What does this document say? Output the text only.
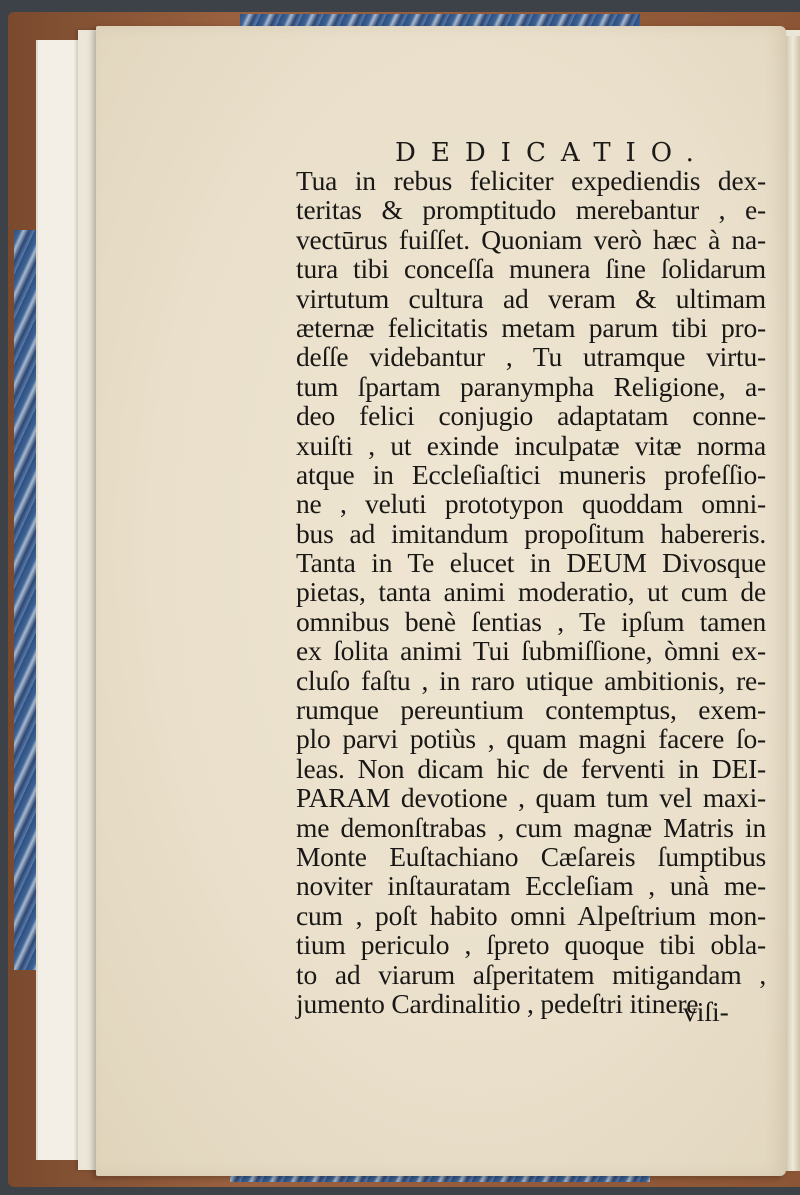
DEDICATIO.
Tua in rebus feliciter expediendis dex-
teritas & promptitudo merebantur , e-
vectūrus fuiſſet. Quoniam verò hæc à na-
tura tibi conceſſa munera ſine ſolidarum
virtutum cultura ad veram & ultimam
æternæ felicitatis metam parum tibi pro-
deſſe videbantur , Tu utramque virtu-
tum ſpartam paranympha Religione, a-
deo felici conjugio adaptatam conne-
xuiſti , ut exinde inculpatæ vitæ norma
atque in Eccleſiaſtici muneris profeſſio-
ne , veluti prototypon quoddam omni-
bus ad imitandum propoſitum habereris.
Tanta in Te elucet in DEUM Divosque
pietas, tanta animi moderatio, ut cum de
omnibus benè ſentias , Te ipſum tamen
ex ſolita animi Tui ſubmiſſione, òmni ex-
cluſo faſtu , in raro utique ambitionis, re-
rumque pereuntium contemptus, exem-
plo parvi potiùs , quam magni facere ſo-
leas. Non dicam hic de ferventi in DEI-
PARAM devotione , quam tum vel maxi-
me demonſtrabas , cum magnæ Matris in
Monte Euſtachiano Cæſareis ſumptibus
noviter inſtauratam Eccleſiam , unà me-
cum , poſt habito omni Alpeſtrium mon-
tium periculo , ſpreto quoque tibi obla-
to ad viarum aſperitatem mitigandam ,
jumento Cardinalitio , pedeſtri itinere
viſi-
